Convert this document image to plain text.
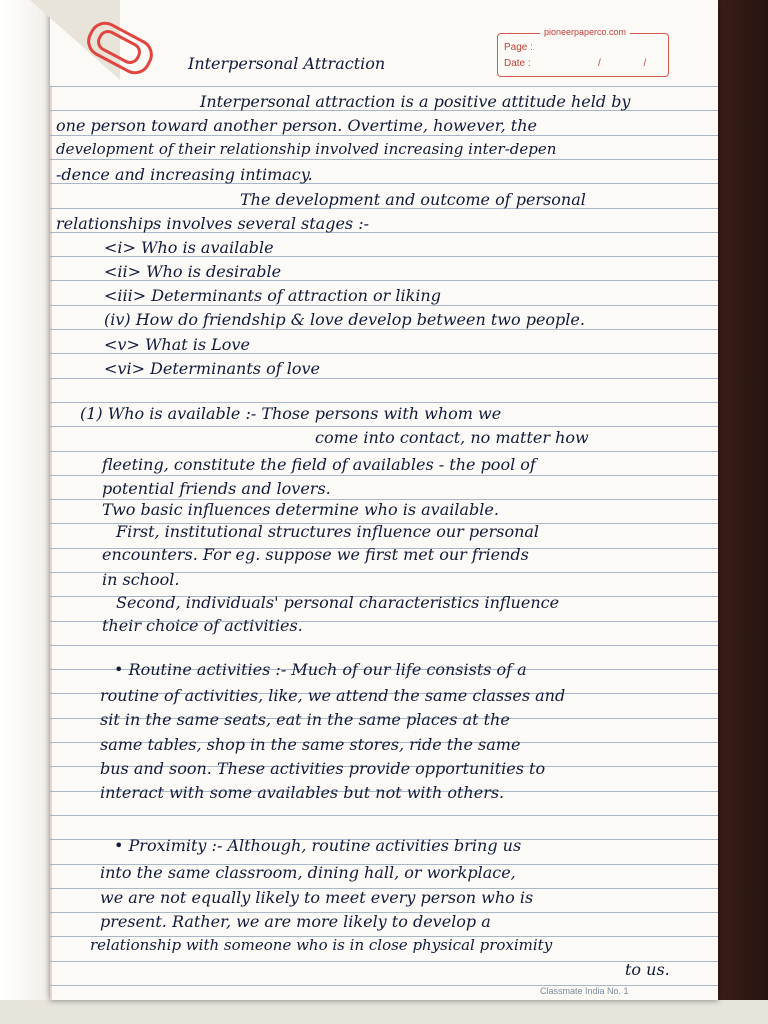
pioneerpaperco.com
Page :
Date :	/ /
Interpersonal Attraction
Interpersonal attraction is a positive attitude held by
one person toward another person. Overtime, however, the
development of their relationship involved increasing inter-depen
-dence and increasing intimacy.
The development and outcome of personal
relationships involves several stages :-
<i> Who is available
<ii> Who is desirable
<iii> Determinants of attraction or liking
(iv) How do friendship & love develop between two people.
<v> What is Love
<vi> Determinants of love
(1) Who is available :- Those persons with whom we
come into contact, no matter how
fleeting, constitute the field of availables - the pool of
potential friends and lovers.
Two basic influences determine who is available.
First, institutional structures influence our personal
encounters. For eg. suppose we first met our friends
in school.
Second, individuals' personal characteristics influence
their choice of activities.
• Routine activities :- Much of our life consists of a
routine of activities, like, we attend the same classes and
sit in the same seats, eat in the same places at the
same tables, shop in the same stores, ride the same
bus and soon. These activities provide opportunities to
interact with some availables but not with others.
• Proximity :- Although, routine activities bring us
into the same classroom, dining hall, or workplace,
we are not equally likely to meet every person who is
present. Rather, we are more likely to develop a
relationship with someone who is in close physical proximity
to us.
Classmate India No. 1
